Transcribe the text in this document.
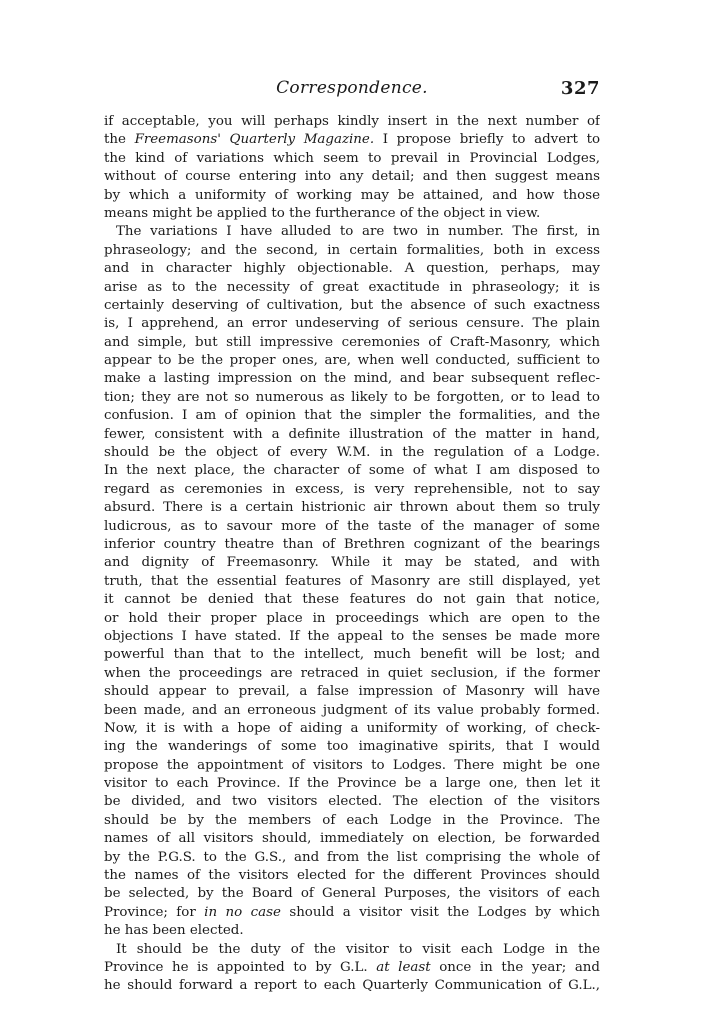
Correspondence.	327
if acceptable, you will perhaps kindly insert in the next number of
the Freemasons' Quarterly Magazine. I propose briefly to advert to
the kind of variations which seem to prevail in Provincial Lodges,
without of course entering into any detail; and then suggest means
by which a uniformity of working may be attained, and how those
means might be applied to the furtherance of the object in view.
The variations I have alluded to are two in number. The first, in
phraseology; and the second, in certain formalities, both in excess
and in character highly objectionable. A question, perhaps, may
arise as to the necessity of great exactitude in phraseology; it is
certainly deserving of cultivation, but the absence of such exactness
is, I apprehend, an error undeserving of serious censure. The plain
and simple, but still impressive ceremonies of Craft-Masonry, which
appear to be the proper ones, are, when well conducted, sufficient to
make a lasting impression on the mind, and bear subsequent reflec-
tion; they are not so numerous as likely to be forgotten, or to lead to
confusion. I am of opinion that the simpler the formalities, and the
fewer, consistent with a definite illustration of the matter in hand,
should be the object of every W.M. in the regulation of a Lodge.
In the next place, the character of some of what I am disposed to
regard as ceremonies in excess, is very reprehensible, not to say
absurd. There is a certain histrionic air thrown about them so truly
ludicrous, as to savour more of the taste of the manager of some
inferior country theatre than of Brethren cognizant of the bearings
and dignity of Freemasonry. While it may be stated, and with
truth, that the essential features of Masonry are still displayed, yet
it cannot be denied that these features do not gain that notice,
or hold their proper place in proceedings which are open to the
objections I have stated. If the appeal to the senses be made more
powerful than that to the intellect, much benefit will be lost; and
when the proceedings are retraced in quiet seclusion, if the former
should appear to prevail, a false impression of Masonry will have
been made, and an erroneous judgment of its value probably formed.
Now, it is with a hope of aiding a uniformity of working, of check-
ing the wanderings of some too imaginative spirits, that I would
propose the appointment of visitors to Lodges. There might be one
visitor to each Province. If the Province be a large one, then let it
be divided, and two visitors elected. The election of the visitors
should be by the members of each Lodge in the Province. The
names of all visitors should, immediately on election, be forwarded
by the P.G.S. to the G.S., and from the list comprising the whole of
the names of the visitors elected for the different Provinces should
be selected, by the Board of General Purposes, the visitors of each
Province; for in no case should a visitor visit the Lodges by which
he has been elected.
It should be the duty of the visitor to visit each Lodge in the
Province he is appointed to by G.L. at least once in the year; and
he should forward a report to each Quarterly Communication of G.L.,
